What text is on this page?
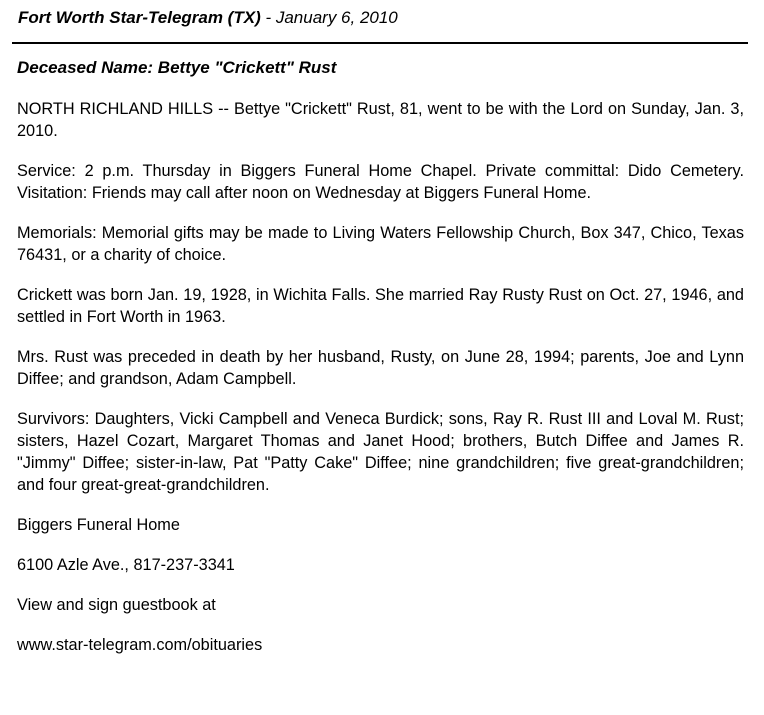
Fort Worth Star-Telegram (TX) - January 6, 2010
Deceased Name: Bettye "Crickett" Rust

NORTH RICHLAND HILLS -- Bettye "Crickett" Rust, 81, went to be with the Lord on Sunday, Jan. 3, 2010.

Service: 2 p.m. Thursday in Biggers Funeral Home Chapel. Private committal: Dido Cemetery. Visitation: Friends may call after noon on Wednesday at Biggers Funeral Home.

Memorials: Memorial gifts may be made to Living Waters Fellowship Church, Box 347, Chico, Texas 76431, or a charity of choice.

Crickett was born Jan. 19, 1928, in Wichita Falls. She married Ray Rusty Rust on Oct. 27, 1946, and settled in Fort Worth in 1963.

Mrs. Rust was preceded in death by her husband, Rusty, on June 28, 1994; parents, Joe and Lynn Diffee; and grandson, Adam Campbell.

Survivors: Daughters, Vicki Campbell and Veneca Burdick; sons, Ray R. Rust III and Loval M. Rust; sisters, Hazel Cozart, Margaret Thomas and Janet Hood; brothers, Butch Diffee and James R. "Jimmy" Diffee; sister-in-law, Pat "Patty Cake" Diffee; nine grandchildren; five great-grandchildren; and four great-great-grandchildren.

Biggers Funeral Home

6100 Azle Ave., 817-237-3341

View and sign guestbook at

www.star-telegram.com/obituaries
